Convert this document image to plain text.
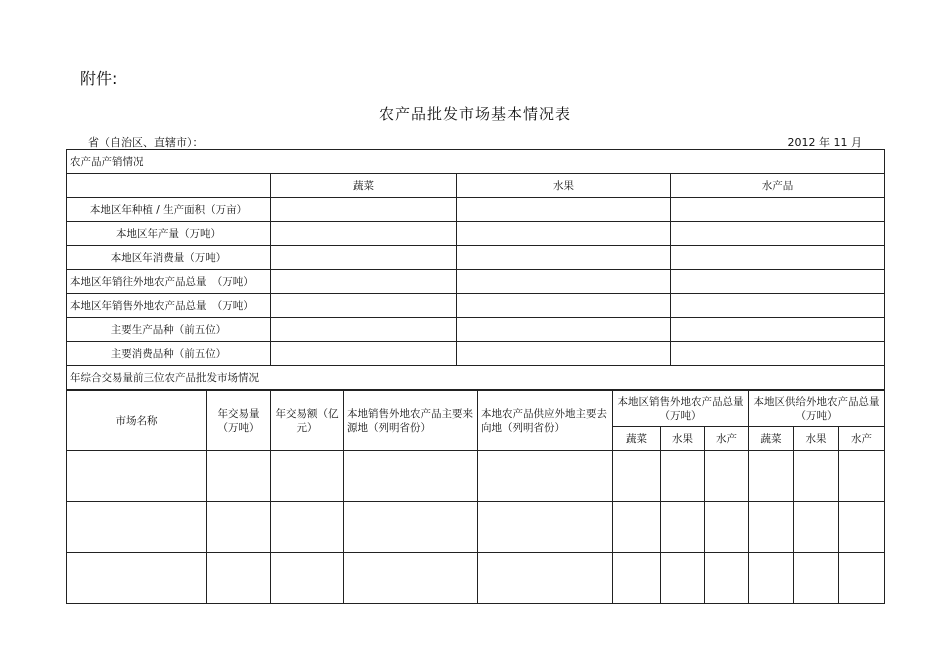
附件:
农产品批发市场基本情况表
省（自治区、直辖市）：	2012 年 11 月
农产品产销情况			
	蔬菜	水果	水产品
本地区年种植 / 生产面积（万亩）			
本地区年产量（万吨）			
本地区年消费量（万吨）			
本地区年销往外地农产品总量　（万吨）			
本地区年销售外地农产品总量　（万吨）			
主要生产品种（前五位）			
主要消费品种（前五位）			
年综合交易量前三位农产品批发市场情况			
市场名称	年交易量（万吨）	年交易额（亿元）	本地销售外地农产品主要来源地（列明省份）	本地农产品供应外地主要去向地（列明省份）	本地区销售外地农产品总量（万吨）			本地区供给外地农产品总量（万吨）		
					蔬菜	水果	水产	蔬菜	水果	水产
